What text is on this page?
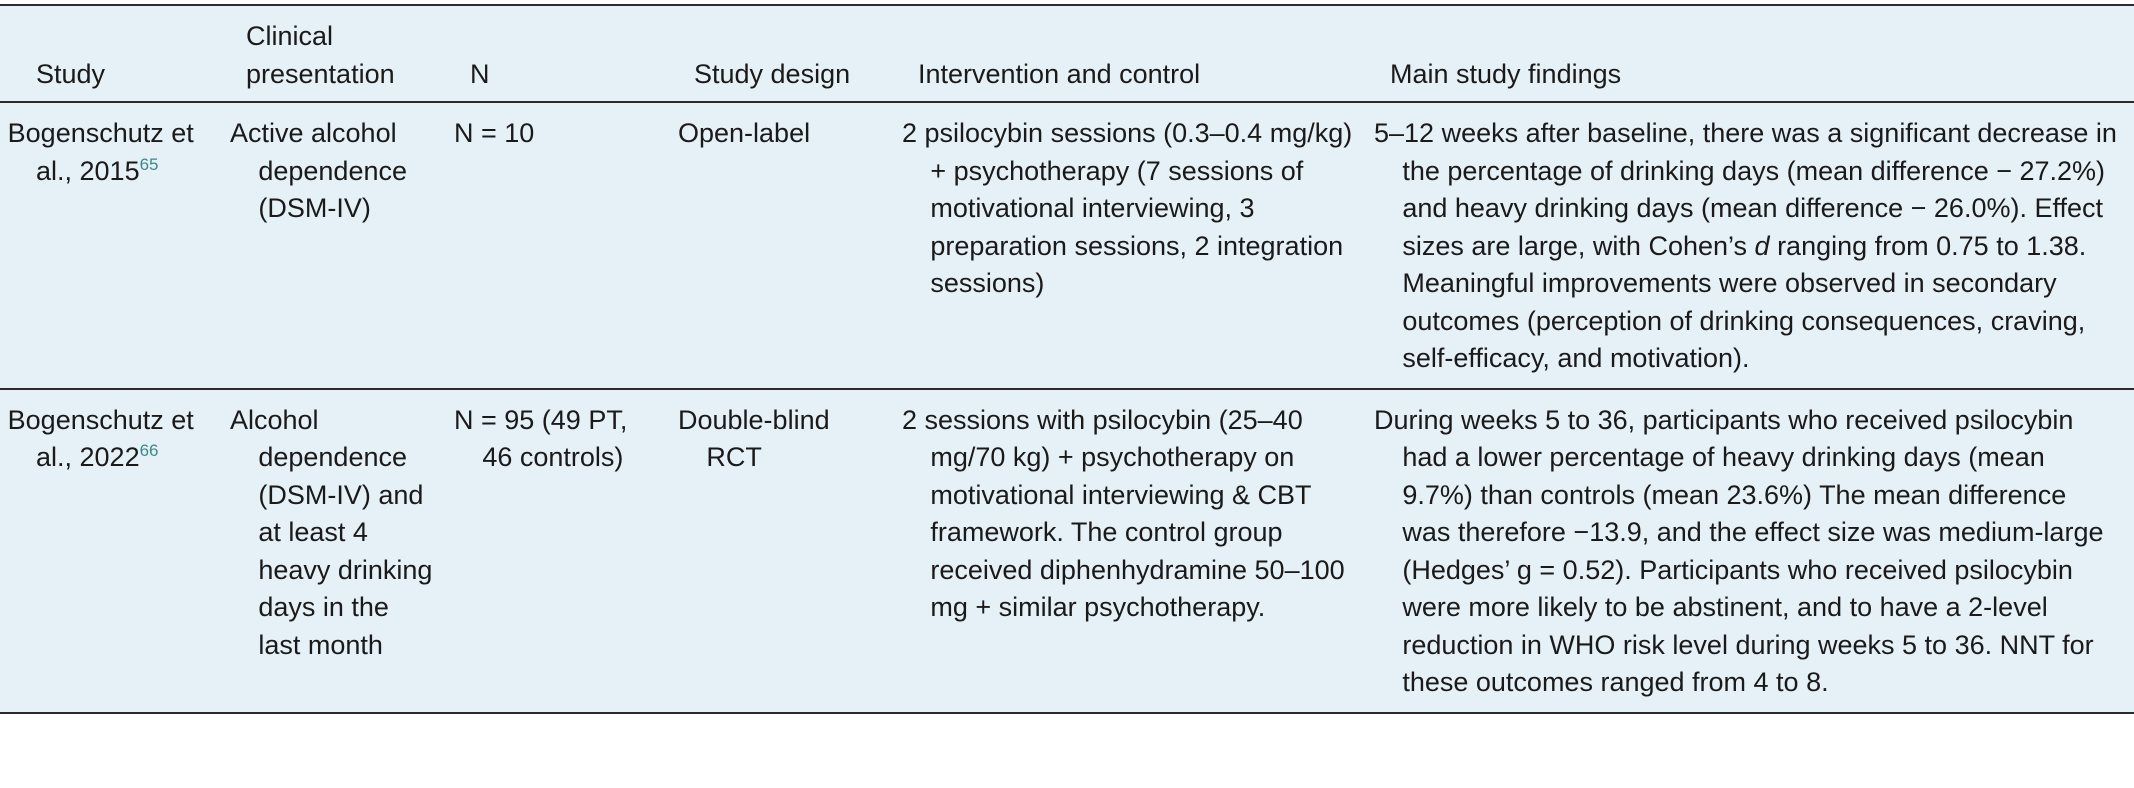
Study	Clinical presentation	N	Study design	Intervention and control	Main study findings
Bogenschutz et al., 2015$^{65}$	Active alcohol dependence (DSM-IV)	N = 10	Open-label	2 psilocybin sessions (0.3–0.4 mg/kg) + psychotherapy (7 sessions of motivational interviewing, 3 preparation sessions, 2 integration sessions)	5–12 weeks after baseline, there was a significant decrease in the percentage of drinking days (mean difference − 27.2%) and heavy drinking days (mean difference − 26.0%). Effect sizes are large, with Cohen’s d ranging from 0.75 to 1.38. Meaningful improvements were observed in secondary outcomes (perception of drinking consequences, craving, self-efficacy, and motivation).
Bogenschutz et al., 2022$^{66}$	Alcohol dependence (DSM-IV) and at least 4 heavy drinking days in the last month	N = 95 (49 PT, 46 controls)	Double-blind RCT	2 sessions with psilocybin (25–40 mg/70 kg) + psychotherapy on motivational interviewing & CBT framework. The control group received diphenhydramine 50–100 mg + similar psychotherapy.	During weeks 5 to 36, participants who received psilocybin had a lower percentage of heavy drinking days (mean 9.7%) than controls (mean 23.6%) The mean difference was therefore −13.9, and the effect size was medium-large (Hedges’ g = 0.52). Participants who received psilocybin were more likely to be abstinent, and to have a 2-level reduction in WHO risk level during weeks 5 to 36. NNT for these outcomes ranged from 4 to 8.
